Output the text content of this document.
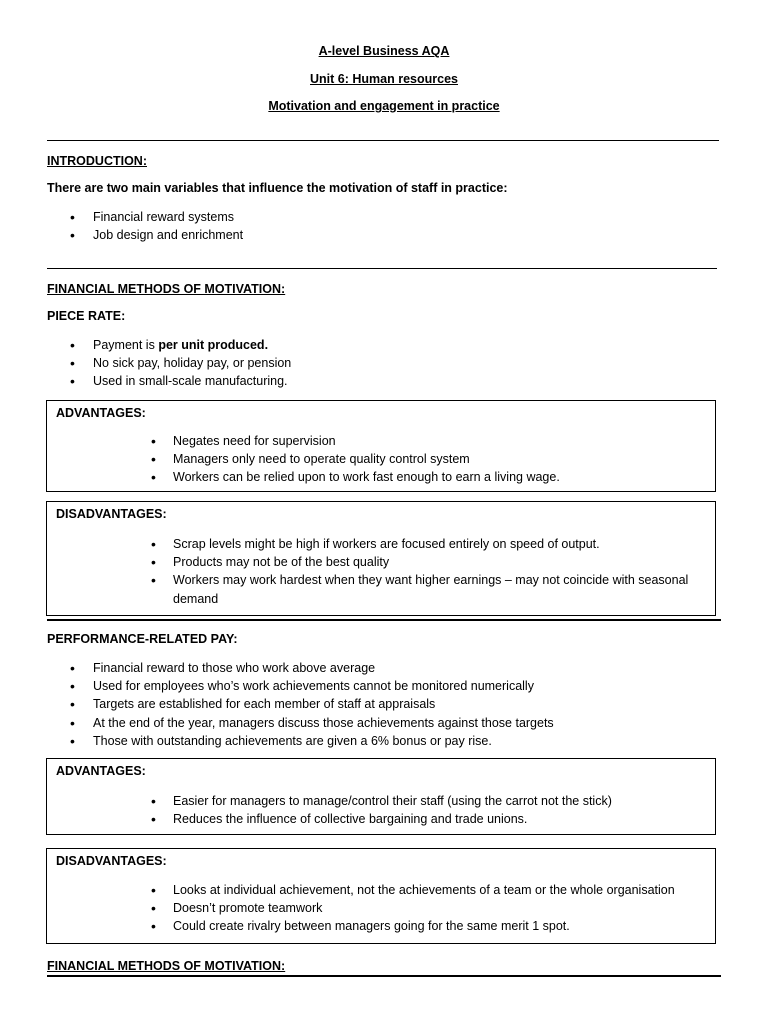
A-level Business AQA
Unit 6: Human resources
Motivation and engagement in practice
INTRODUCTION:
There are two main variables that influence the motivation of staff in practice:
• Financial reward systems
• Job design and enrichment
FINANCIAL METHODS OF MOTIVATION:
PIECE RATE:
• Payment is per unit produced.
• No sick pay, holiday pay, or pension
• Used in small-scale manufacturing.
ADVANTAGES:
• Negates need for supervision
• Managers only need to operate quality control system
• Workers can be relied upon to work fast enough to earn a living wage.
DISADVANTAGES:
• Scrap levels might be high if workers are focused entirely on speed of output.
• Products may not be of the best quality
• Workers may work hardest when they want higher earnings – may not coincide with seasonal demand
PERFORMANCE-RELATED PAY:
• Financial reward to those who work above average
• Used for employees who’s work achievements cannot be monitored numerically
• Targets are established for each member of staff at appraisals
• At the end of the year, managers discuss those achievements against those targets
• Those with outstanding achievements are given a 6% bonus or pay rise.
ADVANTAGES:
• Easier for managers to manage/control their staff (using the carrot not the stick)
• Reduces the influence of collective bargaining and trade unions.
DISADVANTAGES:
• Looks at individual achievement, not the achievements of a team or the whole organisation
• Doesn’t promote teamwork
• Could create rivalry between managers going for the same merit 1 spot.
FINANCIAL METHODS OF MOTIVATION:
